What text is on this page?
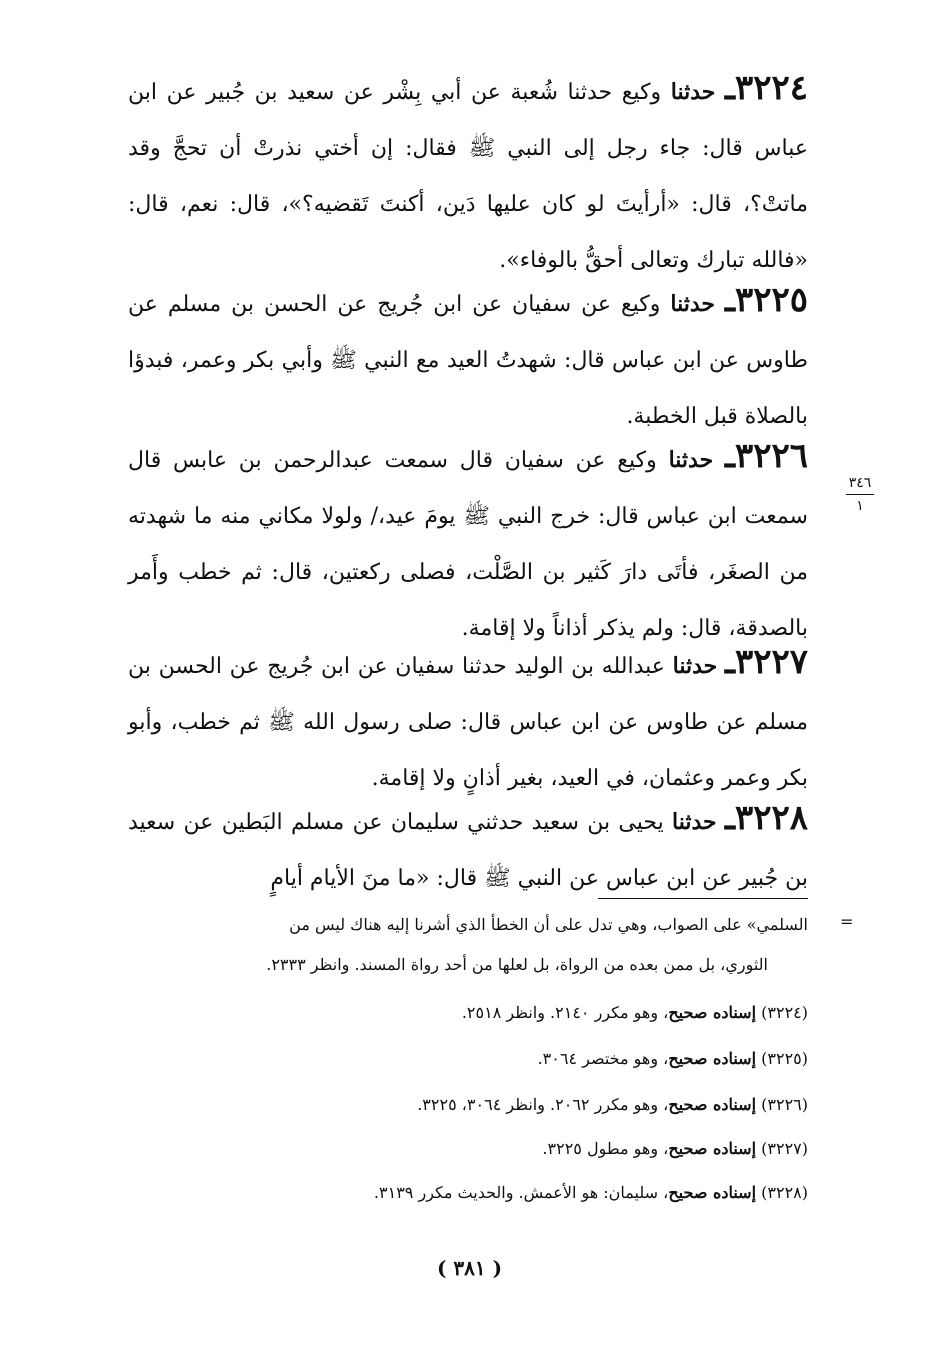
٣٢٢٤ـ حدثنا وكيع حدثنا شُعبة عن أبي بِشْر عن سعيد بن جُبير عن ابن عباس قال: جاء رجل إلى النبي ﷺ فقال: إن أختي نذرتْ أن تحجَّ وقد ماتتْ؟، قال: «أرأيتَ لو كان عليها دَين، أكنتَ تَقضيه؟»، قال: نعم، قال: «فالله تبارك وتعالى أحقُّ بالوفاء».

٣٢٢٥ـ حدثنا وكيع عن سفيان عن ابن جُريج عن الحسن بن مسلم عن طاوس عن ابن عباس قال: شهدتُ العيد مع النبي ﷺ وأبي بكر وعمر، فبدؤا بالصلاة قبل الخطبة.

٣٢٢٦ـ حدثنا وكيع عن سفيان قال سمعت عبدالرحمن بن عابس قال سمعت ابن عباس قال: خرج النبي ﷺ يومَ عيد،/ ولولا مكاني منه ما شهدته من الصغَر، فأتَى دارَ كَثير بن الصَّلْت، فصلى ركعتين، قال: ثم خطب وأَمر بالصدقة، قال: ولم يذكر أذاناً ولا إقامة.

٣٤٦
١

٣٢٢٧ـ حدثنا عبدالله بن الوليد حدثنا سفيان عن ابن جُريج عن الحسن بن مسلم عن طاوس عن ابن عباس قال: صلى رسول الله ﷺ ثم خطب، وأبو بكر وعمر وعثمان، في العيد، بغير أذانٍ ولا إقامة.

٣٢٢٨ـ حدثنا يحيى بن سعيد حدثني سليمان عن مسلم البَطين عن سعيد بن جُبير عن ابن عباس عن النبي ﷺ قال: «ما منَ الأيام أيامٍ

=
السلمي» على الصواب، وهي تدل على أن الخطأ الذي أشرنا إليه هناك ليس من
الثوري، بل ممن بعده من الرواة، بل لعلها من أحد رواة المسند. وانظر ٢٣٣٣.
(٣٢٢٤) إسناده صحيح، وهو مكرر ٢١٤٠. وانظر ٢٥١٨.
(٣٢٢٥) إسناده صحيح، وهو مختصر ٣٠٦٤.
(٣٢٢٦) إسناده صحيح، وهو مكرر ٢٠٦٢. وانظر ٣٠٦٤، ٣٢٢٥.
(٣٢٢٧) إسناده صحيح، وهو مطول ٣٢٢٥.
(٣٢٢٨) إسناده صحيح، سليمان: هو الأعمش. والحديث مكرر ٣١٣٩.
( ٣٨١ )
